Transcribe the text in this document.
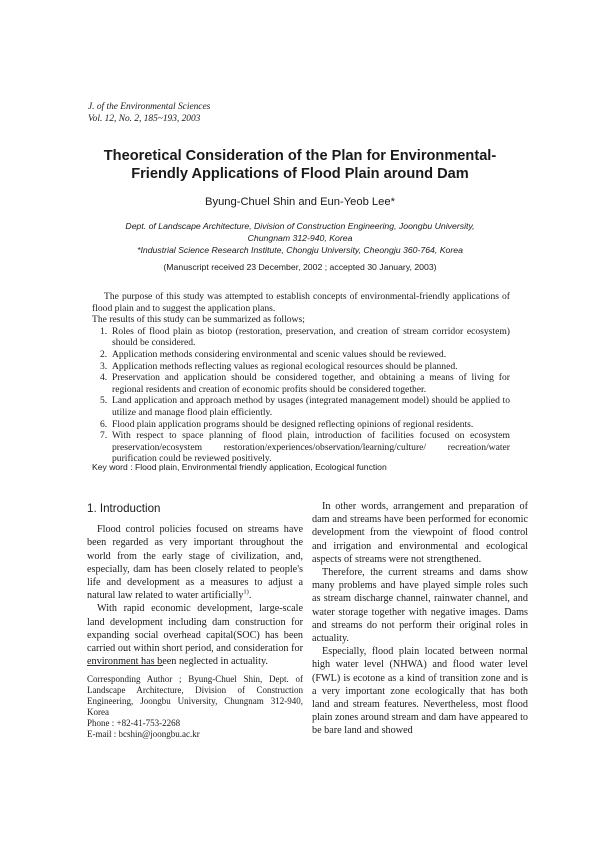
J. of the Environmental Sciences
Vol. 12, No. 2, 185~193, 2003
Theoretical Consideration of the Plan for Environmental-
Friendly Applications of Flood Plain around Dam
Byung-Chuel Shin and Eun-Yeob Lee*
Dept. of Landscape Architecture, Division of Construction Engineering, Joongbu University,
Chungnam 312-940, Korea
*Industrial Science Research Institute, Chongju University, Cheongju 360-764, Korea
(Manuscript received 23 December, 2002 ; accepted 30 January, 2003)

The purpose of this study was attempted to establish concepts of environmental-friendly applications of flood plain and to suggest the application plans.

The results of this study can be summarized as follows;

1. Roles of flood plain as biotop (restoration, preservation, and creation of stream corridor ecosystem) should be considered.
2. Application methods considering environmental and scenic values should be reviewed.
3. Application methods reflecting values as regional ecological resources should be planned.
4. Preservation and application should be considered together, and obtaining a means of living for regional residents and creation of economic profits should be considered together.
5. Land application and approach method by usages (integrated management model) should be applied to utilize and manage flood plain efficiently.
6. Flood plain application programs should be designed reflecting opinions of regional residents.
7. With respect to space planning of flood plain, introduction of facilities focused on ecosystem preservation/ecosystem restoration/experiences/observation/learning/culture/ recreation/water purification could be reviewed positively.
Key word : Flood plain, Environmental friendly application, Ecological function
1. Introduction

Flood control policies focused on streams have been regarded as very important throughout the world from the early stage of civilization, and, especially, dam has been closely related to people's life and development as a measures to adjust a natural law related to water artificially$^{1)}$.

With rapid economic development, large-scale land development including dam construction for expanding social overhead capital(SOC) has been carried out within short period, and consideration for environment has been neglected in actuality.

In other words, arrangement and preparation of dam and streams have been performed for economic development from the viewpoint of flood control and irrigation and environmental and ecological aspects of streams were not strengthened.

Therefore, the current streams and dams show many problems and have played simple roles such as stream discharge channel, rainwater channel, and water storage together with negative images. Dams and streams do not perform their original roles in actuality.

Especially, flood plain located between normal high water level (NHWA) and flood water level (FWL) is ecotone as a kind of transition zone and is a very important zone ecologically that has both land and stream features. Nevertheless, most flood plain zones around stream and dam have appeared to be bare land and showed

Corresponding Author ; Byung-Chuel Shin, Dept. of Landscape Architecture, Division of Construction Engineering, Joongbu University, Chungnam 312-940, Korea
Phone : +82-41-753-2268
E-mail : bcshin@joongbu.ac.kr
